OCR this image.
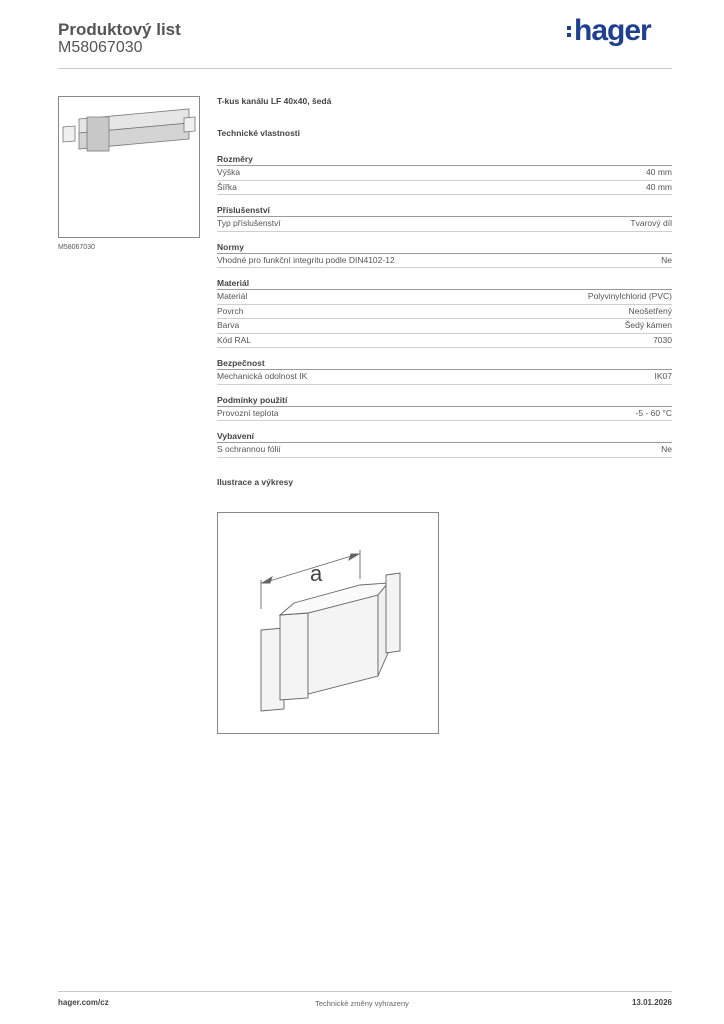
Produktový list
M58067030
hager
M58067030
T-kus kanálu LF 40x40, šedá
Technické vlastnosti
Rozměry
Výška	40 mm
Šířka	40 mm
Příslušenství
Typ příslušenství	Tvarový díl
Normy
Vhodné pro funkční integritu podle DIN4102-12	Ne
Materiál
Materiál	Polyvinylchlorid (PVC)
Povrch	Neošetřený
Barva	Šedý kámen
Kód RAL	7030
Bezpečnost
Mechanická odolnost IK	IK07
Podmínky použití
Provozní teplota	-5 - 60 °C
Vybavení
S ochrannou fólií	Ne
Ilustrace a výkresy
a
hager.com/cz	Technické změny vyhrazeny	13.01.2026
